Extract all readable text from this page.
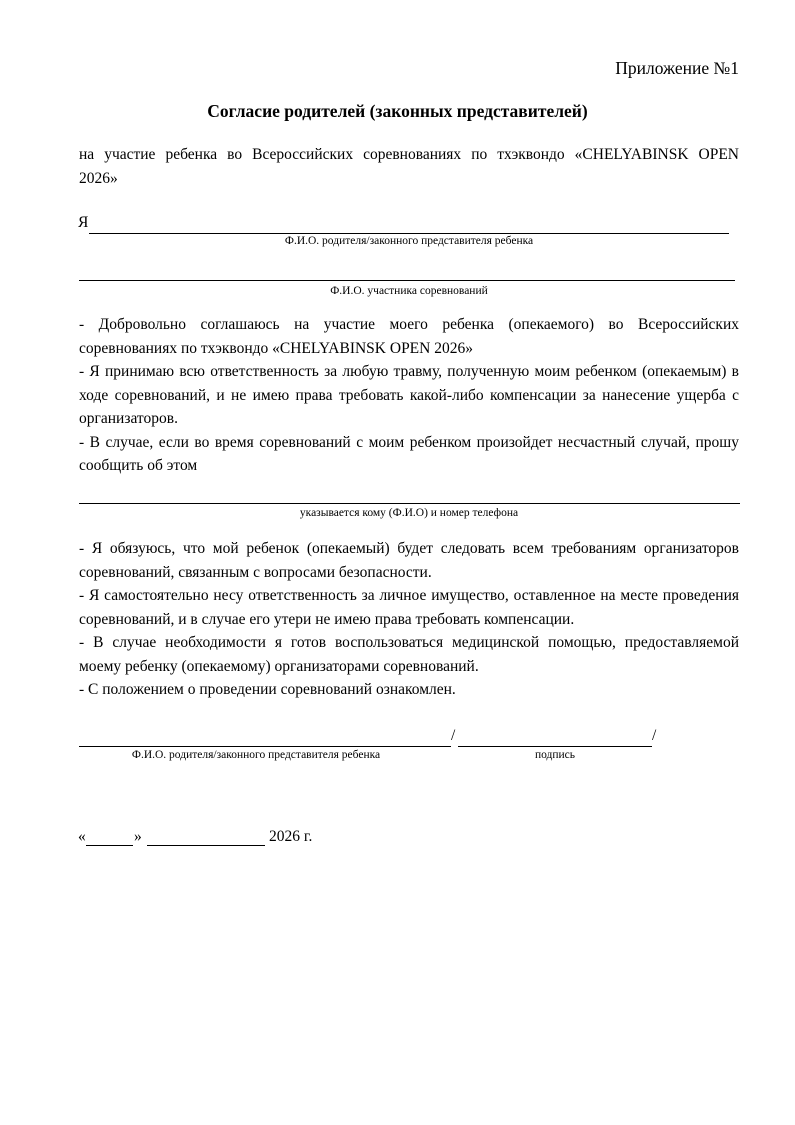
Приложение №1
Согласие родителей (законных представителей)
на участие ребенка во Всероссийских соревнованиях по тхэквондо «CHELYABINSK OPEN
2026»
Я
Ф.И.О. родителя/законного представителя ребенка
Ф.И.О. участника соревнований

- Добровольно соглашаюсь на участие моего ребенка (опекаемого) во Всероссийских соревнованиях по тхэквондо «CHELYABINSK OPEN 2026»

- Я принимаю всю ответственность за любую травму, полученную моим ребенком (опекаемым) в ходе соревнований, и не имею права требовать какой-либо компенсации за нанесение ущерба с организаторов.

- В случае, если во время соревнований с моим ребенком произойдет несчастный случай, прошу сообщить об этом

указывается кому (Ф.И.О) и номер телефона

- Я обязуюсь, что мой ребенок (опекаемый) будет следовать всем требованиям организаторов соревнований, связанным с вопросами безопасности.

- Я самостоятельно несу ответственность за личное имущество, оставленное на месте проведения соревнований, и в случае его утери не имею права требовать компенсации.

- В случае необходимости я готов воспользоваться медицинской помощью, предоставляемой моему ребенку (опекаемому) организаторами соревнований.

- С положением о проведении соревнований ознакомлен.

/	/
Ф.И.О. родителя/законного представителя ребенка	подпись
«	»	2026 г.
